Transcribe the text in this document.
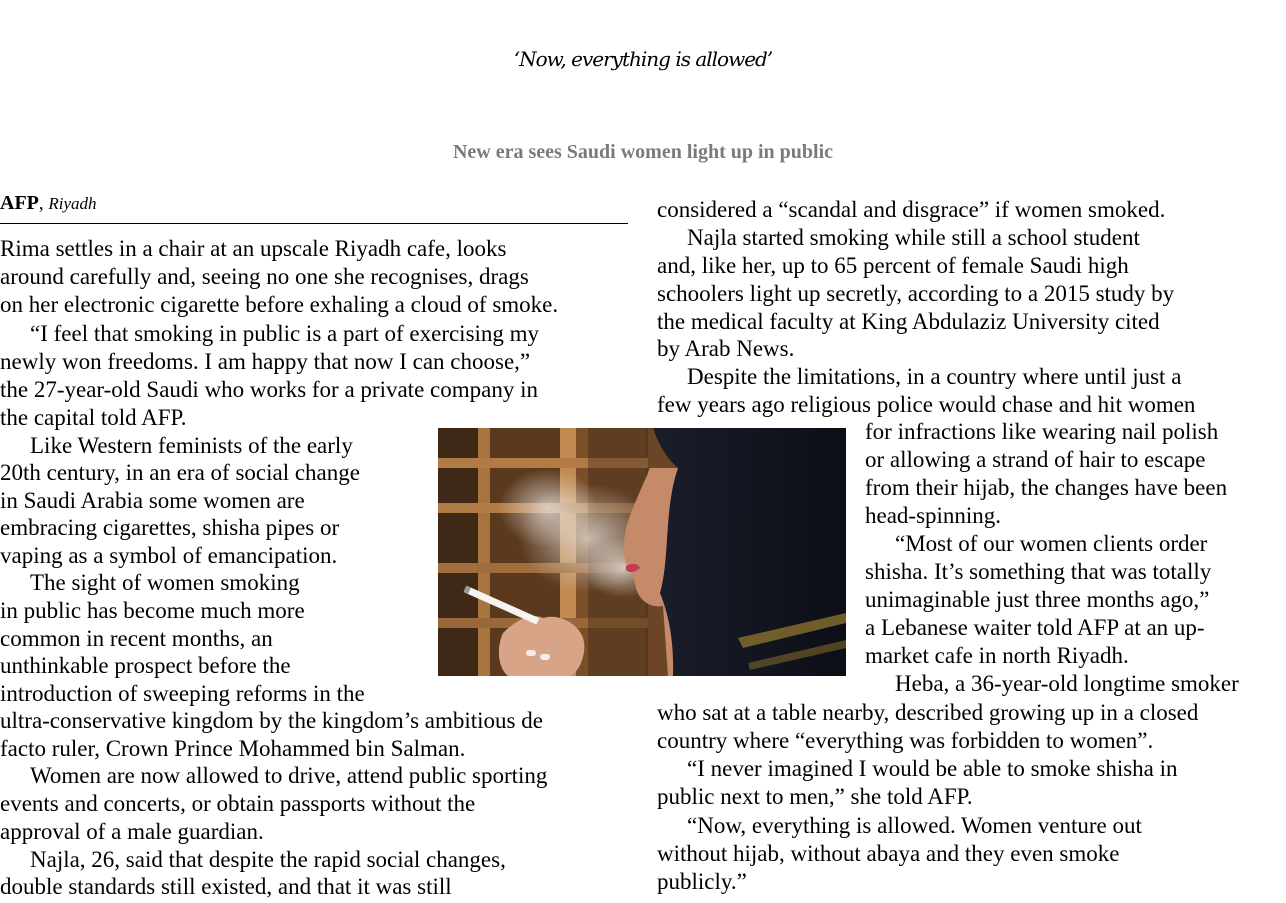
‘Now, everything is allowed’
New era sees Saudi women light up in public
AFP, Riyadh

Rima settles in a chair at an upscale Riyadh cafe, looks

around carefully and, seeing no one she recognises, drags

on her electronic cigarette before exhaling a cloud of smoke.

“I feel that smoking in public is a part of exercising my

newly won freedoms. I am happy that now I can choose,”

the 27-year-old Saudi who works for a private company in

the capital told AFP.

Like Western feminists of the early

20th century, in an era of social change

in Saudi Arabia some women are

embracing cigarettes, shisha pipes or

vaping as a symbol of emancipation.

The sight of women smoking

in public has become much more

common in recent months, an

unthinkable prospect before the

introduction of sweeping reforms in the

ultra-conservative kingdom by the kingdom’s ambitious de

facto ruler, Crown Prince Mohammed bin Salman.

Women are now allowed to drive, attend public sporting

events and concerts, or obtain passports without the

approval of a male guardian.

Najla, 26, said that despite the rapid social changes,

double standards still existed, and that it was still

considered a “scandal and disgrace” if women smoked.

Najla started smoking while still a school student

and, like her, up to 65 percent of female Saudi high

schoolers light up secretly, according to a 2015 study by

the medical faculty at King Abdulaziz University cited

by Arab News.

Despite the limitations, in a country where until just a

few years ago religious police would chase and hit women

for infractions like wearing nail polish

or allowing a strand of hair to escape

from their hijab, the changes have been

head-spinning.

“Most of our women clients order

shisha. It’s something that was totally

unimaginable just three months ago,”

a Lebanese waiter told AFP at an up-

market cafe in north Riyadh.

Heba, a 36-year-old longtime smoker

who sat at a table nearby, described growing up in a closed

country where “everything was forbidden to women”.

“I never imagined I would be able to smoke shisha in

public next to men,” she told AFP.

“Now, everything is allowed. Women venture out

without hijab, without abaya and they even smoke

publicly.”
